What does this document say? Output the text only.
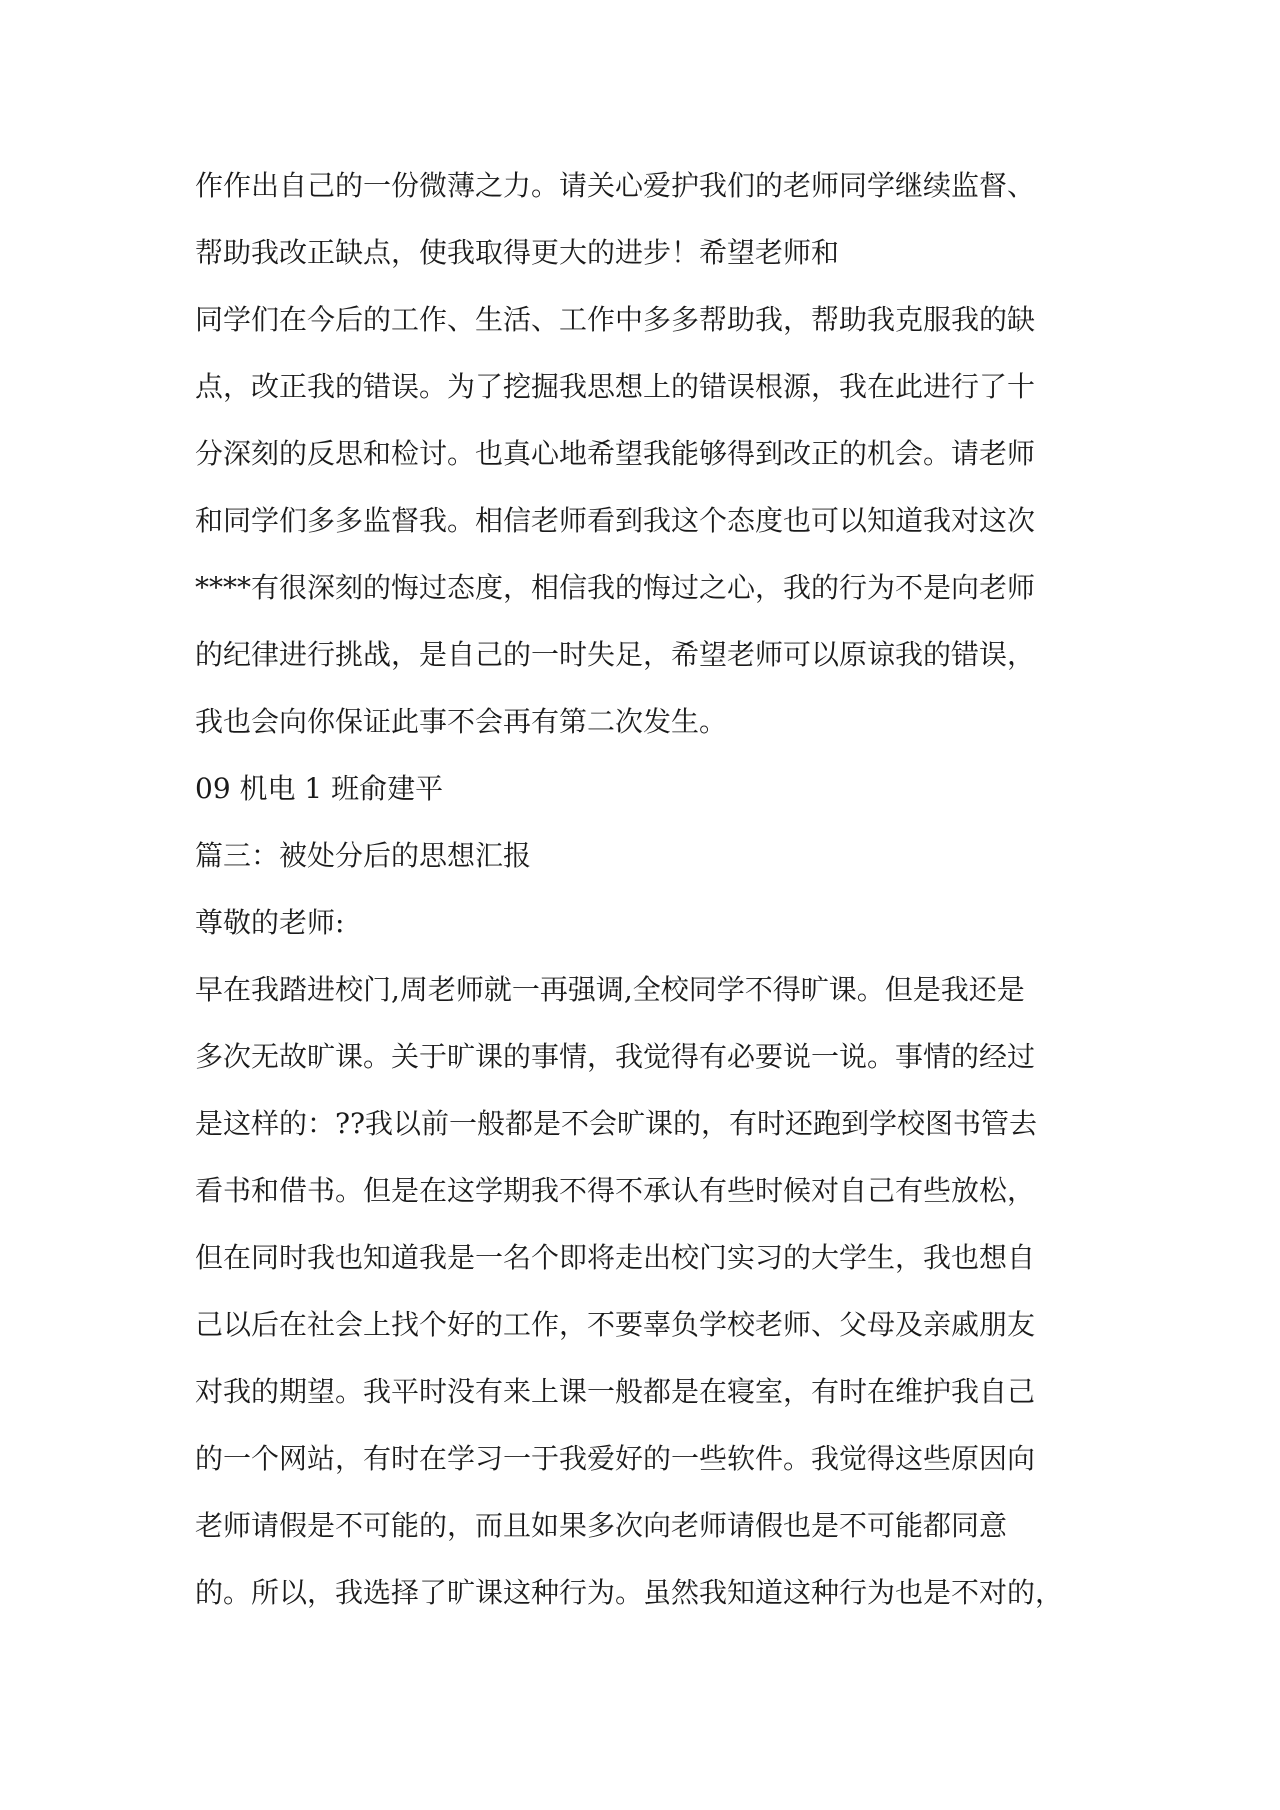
作作出自己的一份微薄之力。请关心爱护我们的老师同学继续监督、
帮助我改正缺点，使我取得更大的进步！希望老师和
同学们在今后的工作、生活、工作中多多帮助我，帮助我克服我的缺
点，改正我的错误。为了挖掘我思想上的错误根源，我在此进行了十
分深刻的反思和检讨。也真心地希望我能够得到改正的机会。请老师
和同学们多多监督我。相信老师看到我这个态度也可以知道我对这次
****有很深刻的悔过态度，相信我的悔过之心，我的行为不是向老师
的纪律进行挑战，是自己的一时失足，希望老师可以原谅我的错误，
我也会向你保证此事不会再有第二次发生。
09 机电 1 班俞建平
篇三：被处分后的思想汇报
尊敬的老师:
早在我踏进校门,周老师就一再强调,全校同学不得旷课。但是我还是
多次无故旷课。关于旷课的事情，我觉得有必要说一说。事情的经过
是这样的：??我以前一般都是不会旷课的，有时还跑到学校图书管去
看书和借书。但是在这学期我不得不承认有些时候对自己有些放松，
但在同时我也知道我是一名个即将走出校门实习的大学生，我也想自
己以后在社会上找个好的工作，不要辜负学校老师、父母及亲戚朋友
对我的期望。我平时没有来上课一般都是在寝室，有时在维护我自己
的一个网站，有时在学习一于我爱好的一些软件。我觉得这些原因向
老师请假是不可能的，而且如果多次向老师请假也是不可能都同意
的。所以，我选择了旷课这种行为。虽然我知道这种行为也是不对的，
